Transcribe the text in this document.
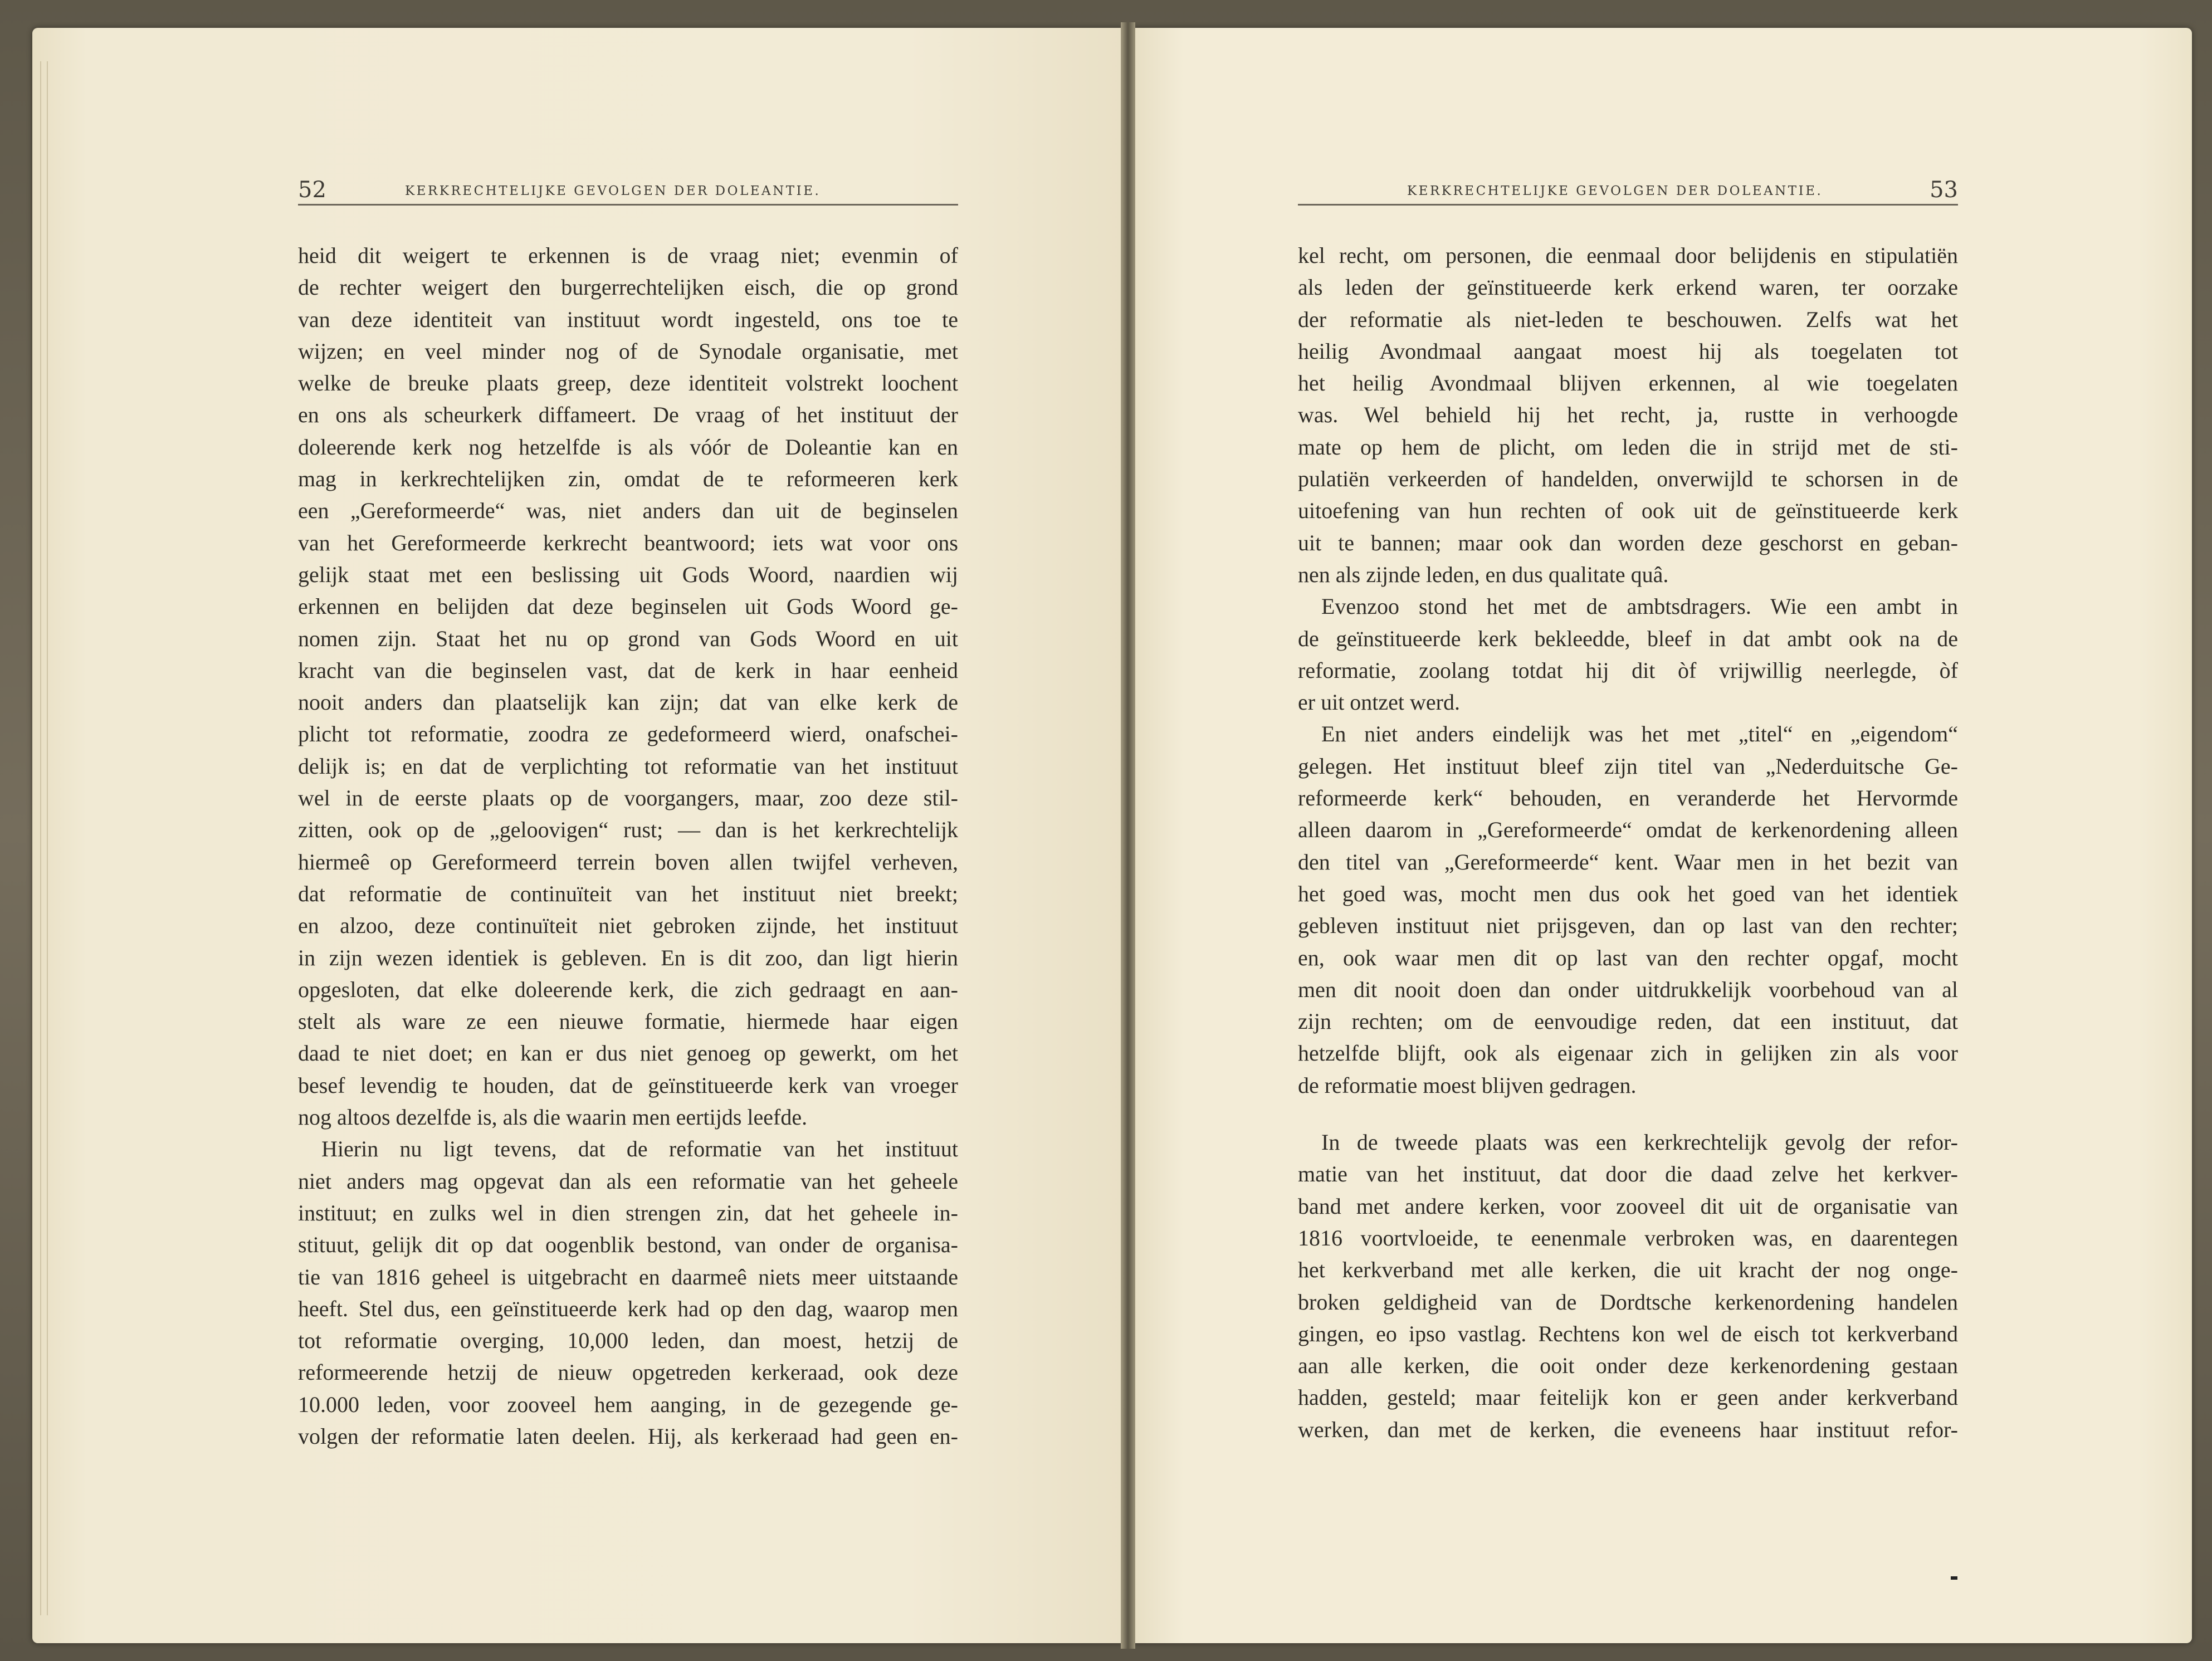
52	KERKRECHTELIJKE GEVOLGEN DER DOLEANTIE.	KERKRECHTELIJKE GEVOLGEN DER DOLEANTIE.	53
heid dit weigert te erkennen is de vraag niet; evenmin of
de rechter weigert den burgerrechtelijken eisch, die op grond
van deze identiteit van instituut wordt ingesteld, ons toe te
wijzen; en veel minder nog of de Synodale organisatie, met
welke de breuke plaats greep, deze identiteit volstrekt loochent
en ons als scheurkerk diffameert. De vraag of het instituut der
doleerende kerk nog hetzelfde is als vóór de Doleantie kan en
mag in kerkrechtelijken zin, omdat de te reformeeren kerk
een „Gereformeerde“ was, niet anders dan uit de beginselen
van het Gereformeerde kerkrecht beantwoord; iets wat voor ons
gelijk staat met een beslissing uit Gods Woord, naardien wij
erkennen en belijden dat deze beginselen uit Gods Woord ge-
nomen zijn. Staat het nu op grond van Gods Woord en uit
kracht van die beginselen vast, dat de kerk in haar eenheid
nooit anders dan plaatselijk kan zijn; dat van elke kerk de
plicht tot reformatie, zoodra ze gedeformeerd wierd, onafschei-
delijk is; en dat de verplichting tot reformatie van het instituut
wel in de eerste plaats op de voorgangers, maar, zoo deze stil-
zitten, ook op de „geloovigen“ rust; — dan is het kerkrechtelijk
hiermeê op Gereformeerd terrein boven allen twijfel verheven,
dat reformatie de continuïteit van het instituut niet breekt;
en alzoo, deze continuïteit niet gebroken zijnde, het instituut
in zijn wezen identiek is gebleven. En is dit zoo, dan ligt hierin
opgesloten, dat elke doleerende kerk, die zich gedraagt en aan-
stelt als ware ze een nieuwe formatie, hiermede haar eigen
daad te niet doet; en kan er dus niet genoeg op gewerkt, om het
besef levendig te houden, dat de geïnstitueerde kerk van vroeger
nog altoos dezelfde is, als die waarin men eertijds leefde.
Hierin nu ligt tevens, dat de reformatie van het instituut
niet anders mag opgevat dan als een reformatie van het geheele
instituut; en zulks wel in dien strengen zin, dat het geheele in-
stituut, gelijk dit op dat oogenblik bestond, van onder de organisa-
tie van 1816 geheel is uitgebracht en daarmeê niets meer uitstaande
heeft. Stel dus, een geïnstitueerde kerk had op den dag, waarop men
tot reformatie overging, 10,000 leden, dan moest, hetzij de
reformeerende hetzij de nieuw opgetreden kerkeraad, ook deze
10.000 leden, voor zooveel hem aanging, in de gezegende ge-
volgen der reformatie laten deelen. Hij, als kerkeraad had geen en-
kel recht, om personen, die eenmaal door belijdenis en stipulatiën
als leden der geïnstitueerde kerk erkend waren, ter oorzake
der reformatie als niet-leden te beschouwen. Zelfs wat het
heilig Avondmaal aangaat moest hij als toegelaten tot
het heilig Avondmaal blijven erkennen, al wie toegelaten
was. Wel behield hij het recht, ja, rustte in verhoogde
mate op hem de plicht, om leden die in strijd met de sti-
pulatiën verkeerden of handelden, onverwijld te schorsen in de
uitoefening van hun rechten of ook uit de geïnstitueerde kerk
uit te bannen; maar ook dan worden deze geschorst en geban-
nen als zijnde leden, en dus qualitate quâ.
Evenzoo stond het met de ambtsdragers. Wie een ambt in
de geïnstitueerde kerk bekleedde, bleef in dat ambt ook na de
reformatie, zoolang totdat hij dit òf vrijwillig neerlegde, òf
er uit ontzet werd.
En niet anders eindelijk was het met „titel“ en „eigendom“
gelegen. Het instituut bleef zijn titel van „Nederduitsche Ge-
reformeerde kerk“ behouden, en veranderde het Hervormde
alleen daarom in „Gereformeerde“ omdat de kerkenordening alleen
den titel van „Gereformeerde“ kent. Waar men in het bezit van
het goed was, mocht men dus ook het goed van het identiek
gebleven instituut niet prijsgeven, dan op last van den rechter;
en, ook waar men dit op last van den rechter opgaf, mocht
men dit nooit doen dan onder uitdrukkelijk voorbehoud van al
zijn rechten; om de eenvoudige reden, dat een instituut, dat
hetzelfde blijft, ook als eigenaar zich in gelijken zin als voor
de reformatie moest blijven gedragen.
In de tweede plaats was een kerkrechtelijk gevolg der refor-
matie van het instituut, dat door die daad zelve het kerkver-
band met andere kerken, voor zooveel dit uit de organisatie van
1816 voortvloeide, te eenenmale verbroken was, en daarentegen
het kerkverband met alle kerken, die uit kracht der nog onge-
broken geldigheid van de Dordtsche kerkenordening handelen
gingen, eo ipso vastlag. Rechtens kon wel de eisch tot kerkverband
aan alle kerken, die ooit onder deze kerkenordening gestaan
hadden, gesteld; maar feitelijk kon er geen ander kerkverband
werken, dan met de kerken, die eveneens haar instituut refor-
